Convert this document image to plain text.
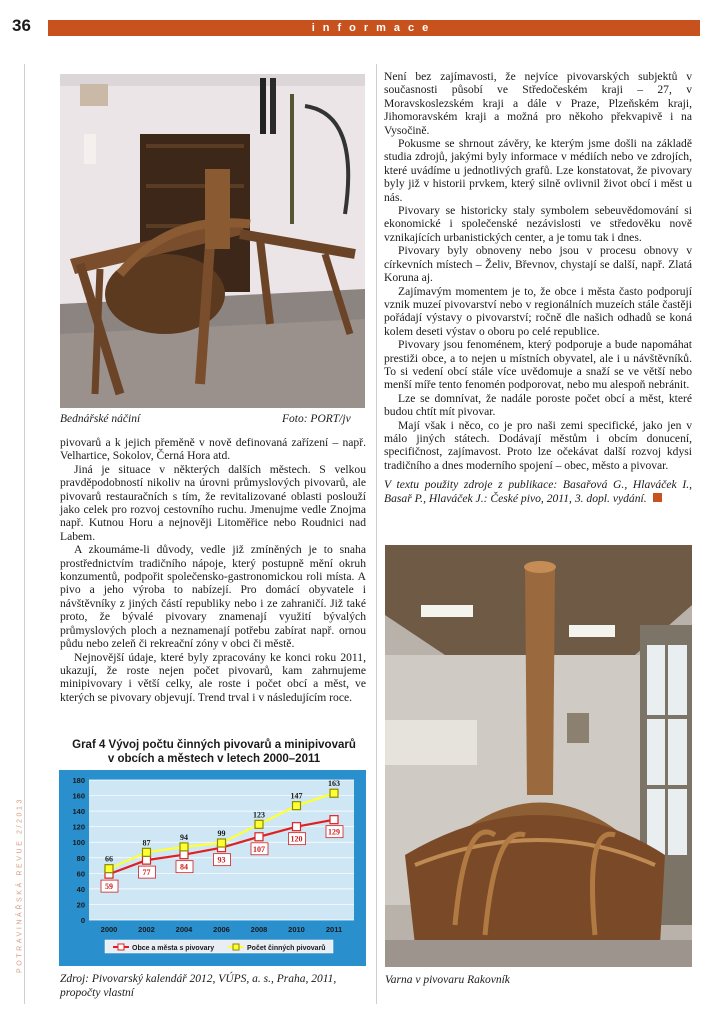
36	informace
POTRAVINÁŘSKÁ REVUE 2/2013
Bednářské náčiní	Foto: PORT/jv

pivovarů a k jejich přeměně v nově definovaná zařízení – např. Velhartice, Sokolov, Černá Hora atd.

Jiná je situace v některých dalších městech. S velkou pravděpodobností nikoliv na úrovni průmyslových pivovarů, ale pivovarů restauračních s tím, že revitalizované oblasti poslouží jako celek pro rozvoj cestovního ruchu. Jmenujme vedle Znojma např. Kutnou Horu a nejnověji Litoměřice nebo Roudnici nad Labem.

A zkoumáme-li důvody, vedle již zmíněných je to snaha prostřednictvím tradičního nápoje, který postupně mění okruh konzumentů, podpořit společensko-gastronomickou roli místa. A pivo a jeho výroba to nabízejí. Pro domácí obyvatele i návštěvníky z jiných částí republiky nebo i ze zahraničí. Již také proto, že bývalé pivovary znamenají využití bývalých průmyslových ploch a neznamenají potřebu zabírat např. ornou půdu nebo zeleň či rekreační zóny v obci či městě.

Nejnovější údaje, které byly zpracovány ke konci roku 2011, ukazují, že roste nejen počet pivovarů, kam zahrnujeme minipivovary i větší celky, ale roste i počet obcí a měst, ve kterých se pivovary objevují. Trend trval i v následujícím roce.

Graf 4 Vývoj počtu činných pivovarů a minipivovarů
v obcích a městech v letech 2000–2011
0
20
40
60
80
100
120
140
160
180
2000	2002	2004	2006	2008	2010	2011
59
77
84
93
107
120
129
66
87
94	99
123
147
163
Obce a města s pivovary	Počet činných pivovarů
Zdroj: Pivovarský kalendář 2012, VÚPS, a. s., Praha, 2011, propočty vlastní

Není bez zajímavosti, že nejvíce pivovarských subjektů v současnosti působí ve Středočeském kraji – 27, v Moravskoslezském kraji a dále v Praze, Plzeňském kraji, Jihomoravském kraji a možná pro někoho překvapivě i na Vysočině.

Pokusme se shrnout závěry, ke kterým jsme došli na základě studia zdrojů, jakými byly informace v médiích nebo ve zdrojích, které uvádíme u jednotlivých grafů. Lze konstatovat, že pivovary byly již v historii prvkem, který silně ovlivnil život obcí i měst u nás.

Pivovary se historicky staly symbolem sebeuvědomování si ekonomické i společenské nezávislosti ve středověku nově vznikajících urbanistických center, a je tomu tak i dnes.

Pivovary byly obnoveny nebo jsou v procesu obnovy v církevních místech – Želiv, Břevnov, chystají se další, např. Zlatá Koruna aj.

Zajímavým momentem je to, že obce i města často podporují vznik muzeí pivovarství nebo v regionálních muzeích stále častěji pořádají výstavy o pivovarství; ročně dle našich odhadů se koná kolem deseti výstav o oboru po celé republice.

Pivovary jsou fenoménem, který podporuje a bude napomáhat prestiži obce, a to nejen u místních obyvatel, ale i u návštěvníků. To si vedení obcí stále více uvědomuje a snaží se ve větší nebo menší míře tento fenomén podporovat, nebo mu alespoň nebránit.

Lze se domnívat, že nadále poroste počet obcí a měst, které budou chtít mít pivovar.

Mají však i něco, co je pro naši zemi specifické, jako jen v málo jiných státech. Dodávají městům i obcím donucení, specifičnost, zajímavost. Proto lze očekávat další rozvoj kdysi tradičního a dnes moderního spojení – obec, město a pivovar.

V textu použity zdroje z publikace: Basařová G., Hlaváček I., Basař P., Hlaváček J.: České pivo, 2011, 3. dopl. vydání.

Varna v pivovaru Rakovník
